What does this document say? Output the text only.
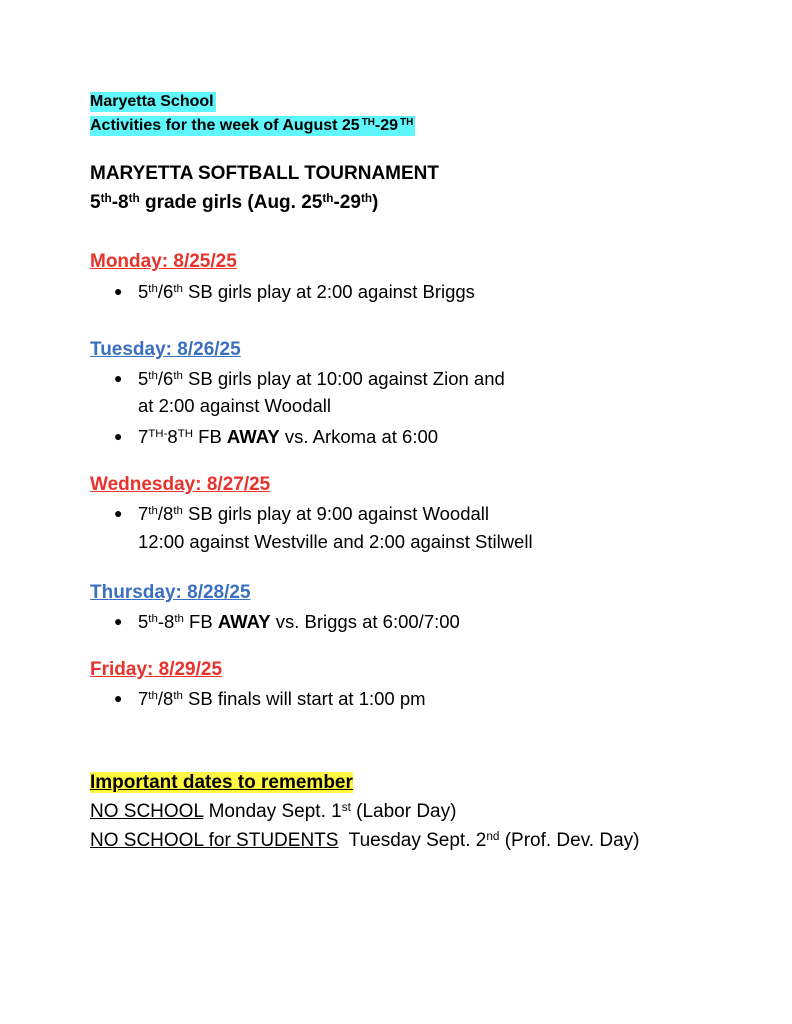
Maryetta School
Activities for the week of August 25 $^{TH}$-29 $^{TH}$
MARYETTA SOFTBALL TOURNAMENT
5th-8th grade girls (Aug. 25th-29th)
Monday: 8/25/25
● 5th/6th SB girls play at 2:00 against Briggs
Tuesday: 8/26/25
● 5th/6th SB girls play at 10:00 against Zion and
at 2:00 against Woodall
● $7^{TH-}8TH$ FB AWAY vs. Arkoma at 6:00
Wednesday: 8/27/25
● 7th/8th SB girls play at 9:00 against Woodall
12:00 against Westville and 2:00 against Stilwell
Thursday: 8/28/25
● 5th-8th FB AWAY vs. Briggs at 6:00/7:00
Friday: 8/29/25
● 7th/8th SB finals will start at 1:00 pm
Important dates to remember
NO SCHOOL Monday Sept. 1st (Labor Day)
NO SCHOOL for STUDENTS  Tuesday Sept. 2nd (Prof. Dev. Day)
